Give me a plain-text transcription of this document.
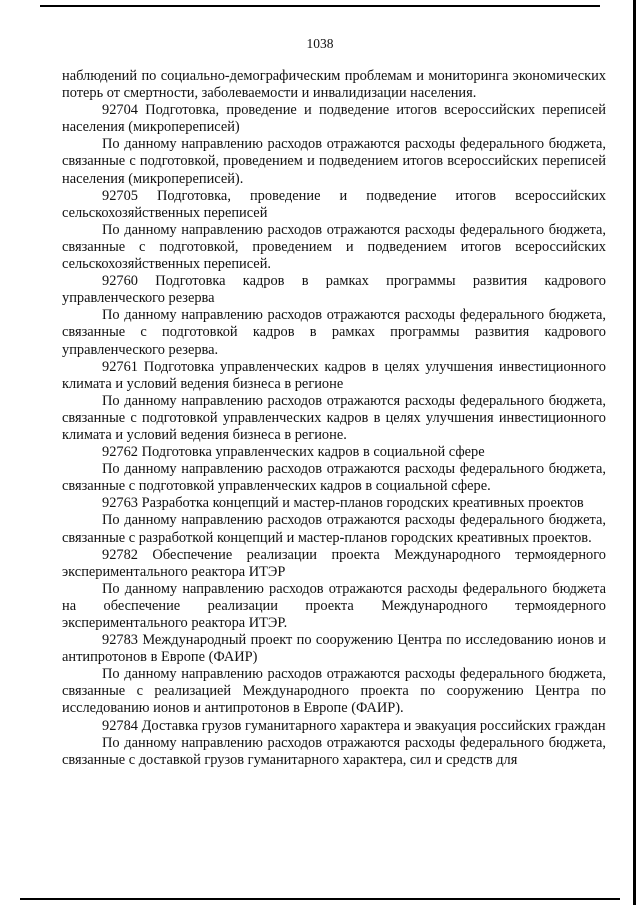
1038

наблюдений по социально-демографическим проблемам и мониторинга экономических потерь от смертности, заболеваемости и инвалидизации населения.

92704 Подготовка, проведение и подведение итогов всероссийских переписей населения (микропереписей)

По данному направлению расходов отражаются расходы федерального бюджета, связанные с подготовкой, проведением и подведением итогов всероссийских переписей населения (микропереписей).

92705 Подготовка, проведение и подведение итогов всероссийских сельскохозяйственных переписей

По данному направлению расходов отражаются расходы федерального бюджета, связанные с подготовкой, проведением и подведением итогов всероссийских сельскохозяйственных переписей.

92760 Подготовка кадров в рамках программы развития кадрового управленческого резерва

По данному направлению расходов отражаются расходы федерального бюджета, связанные с подготовкой кадров в рамках программы развития кадрового управленческого резерва.

92761 Подготовка управленческих кадров в целях улучшения инвестиционного климата и условий ведения бизнеса в регионе

По данному направлению расходов отражаются расходы федерального бюджета, связанные с подготовкой управленческих кадров в целях улучшения инвестиционного климата и условий ведения бизнеса в регионе.

92762 Подготовка управленческих кадров в социальной сфере

По данному направлению расходов отражаются расходы федерального бюджета, связанные с подготовкой управленческих кадров в социальной сфере.

92763 Разработка концепций и мастер-планов городских креативных проектов

По данному направлению расходов отражаются расходы федерального бюджета, связанные с разработкой концепций и мастер-планов городских креативных проектов.

92782 Обеспечение реализации проекта Международного термоядерного экспериментального реактора ИТЭР

По данному направлению расходов отражаются расходы федерального бюджета на обеспечение реализации проекта Международного термоядерного экспериментального реактора ИТЭР.

92783 Международный проект по сооружению Центра по исследованию ионов и антипротонов в Европе (ФАИР)

По данному направлению расходов отражаются расходы федерального бюджета, связанные с реализацией Международного проекта по сооружению Центра по исследованию ионов и антипротонов в Европе (ФАИР).

92784 Доставка грузов гуманитарного характера и эвакуация российских граждан

По данному направлению расходов отражаются расходы федерального бюджета, связанные с доставкой грузов гуманитарного характера, сил и средств для
